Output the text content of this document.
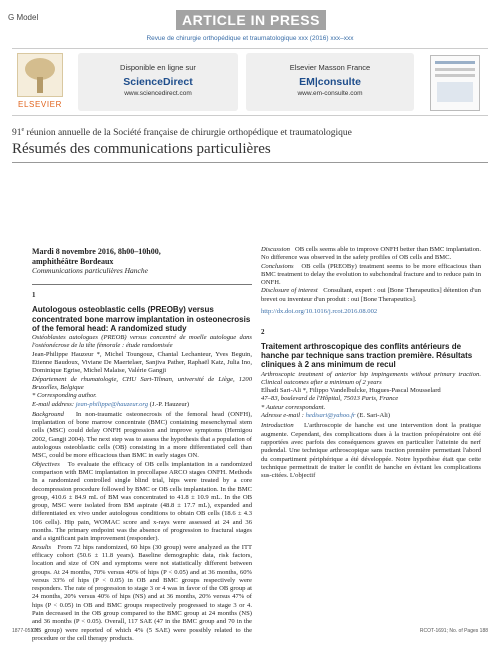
G Model	ARTICLE IN PRESS
Revue de chirurgie orthopédique et traumatologique xxx (2016) xxx–xxx
ELSEVIER
Disponible en ligne sur
ScienceDirect
www.sciencedirect.com
Elsevier Masson France
EM|consulte
www.em-consulte.com
91e réunion annuelle de la Société française de chirurgie orthopédique et traumatologique
Résumés des communications particulières
Mardi 8 novembre 2016, 8h00–10h00,
amphithéâtre Bordeaux
Communications particulières Hanche
1
Autologous osteoblastic cells (PREOBy) versus concentrated bone marrow implantation in osteonecrosis of the femoral head: A randomized study
Ostéoblastes autologues (PREOB) versus concentré de moelle autologue dans l'ostéonécrose de la tête fémorale : étude randomisée
Jean-Philippe Hauzeur *, Michel Toungouz, Chantal Lechanteur, Yves Beguin, Etienne Baudoux, Viviane De Maertelaer, Sanjiva Pather, Raphaël Katz, Julia Ino, Dominique Egrise, Michel Malaise, Valérie Gangji
Département de rhumatologie, CHU Sart-Tilman, université de Liège, 1200 Bruxelles, Belgique
* Corresponding author.
E-mail address: jean-philippe@hauzeur.org (J.-P. Hauzeur)
Background In non-traumatic osteonecrosis of the femoral head (ONFH), implantation of bone marrow concentrate (BMC) containing mesenchymal stem cells (MSC) could delay ONFH progression and improve symptoms (Hernigou 2002, Gangji 2004). The next step was to assess the hypothesis that a population of autologous osteoblastic cells (OB) consisting in a more differentiated cell than MSC, could be more efficacious than BMC in early stages ON.
Objectives To evaluate the efficacy of OB cells implantation in a randomized comparison with BMC implantation in precollapse ARCO stages ONFH. Methods In a randomized controlled single blind trial, hips were treated by a core decompression procedure followed by BMC or OB cells implantation. In the BMC group, 410.6 ± 84.9 mL of BM was concentrated to 41.8 ± 10.9 mL. In the OB group, MSC were isolated from BM aspirate (48.8 ± 17.7 mL), expanded and differentiated ex vivo under autologous conditions to obtain OB cells (18.6 ± 4.3 106 cells). Hip pain, WOMAC score and x-rays were assessed at 24 and 36 months. The primary endpoint was the absence of progression to fractural stages and a significant pain improvement (responder).
Results From 72 hips randomized, 60 hips (30 group) were analyzed as the ITT efficacy cohort (50.6 ± 11.8 years). Baseline demographic data, risk factors, location and size of ON and symptoms were not statistically different between groups. At 24 months, 70% versus 40% of hips (P < 0.05) and at 36 months, 60% versus 33% of hips (P < 0.05) in OB and BMC groups respectively were responders. The rate of progression to stage 3 or 4 was in favor of the OB group at 24 months, 20% versus 40% of hips (NS) and at 36 months, 20% versus 47% of hips (P < 0.05) in OB and BMC groups respectively progressed to stage 3 or 4. Pain decreased in the OB group compared to the BMC group at 24 months (NS) and 36 months (P < 0.05). Overall, 117 SAE (47 in the BMC group and 70 in the OB group) were reported of which 4% (5 SAE) were possibly related to the procedure or the cell therapy products.
Discussion OB cells seems able to improve ONFH better than BMC implantation. No difference was observed in the safety profiles of OB cells and BMC.
Conclusions OB cells (PREOBy) treatment seems to be more efficacious than BMC treatment to delay the evolution to subchondral fracture and to reduce pain in ONFH.
Disclosure of interest Consultant, expert : oui [Bone Therapeutics] détention d'un brevet ou inventeur d'un produit : oui [Bone Therapeutics].
http://dx.doi.org/10.1016/j.rcot.2016.08.002
2
Traitement arthroscopique des conflits antérieurs de hanche par technique sans traction première. Résultats cliniques à 2 ans minimum de recul
Arthroscopic treatment of anterior hip impingements without primary traction. Clinical outcomes after a minimum of 2 years
Elhadi Sari-Ali *, Filippo Vandelbulcke, Hugues-Pascal Mousselard
47–83, boulevard de l'Hôpital, 75013 Paris, France
* Auteur correspondant.
Adresse e-mail : hedisari@yahoo.fr (E. Sari-Ali)
Introduction L'arthroscopie de hanche est une intervention dont la pratique augmente. Cependant, des complications dues à la traction préopératoire ont été rapportées avec parfois des conséquences graves en particulier l'atteinte du nerf pudendal. Une technique arthroscopique sans traction première permettant l'abord du compartiment périphérique a été développée. Notre hypothèse était que cette technique permettrait de traiter le conflit de hanche en évitant les complications sus-citées. L'objectif
1877-0517/	RCOT-1691; No. of Pages 188
